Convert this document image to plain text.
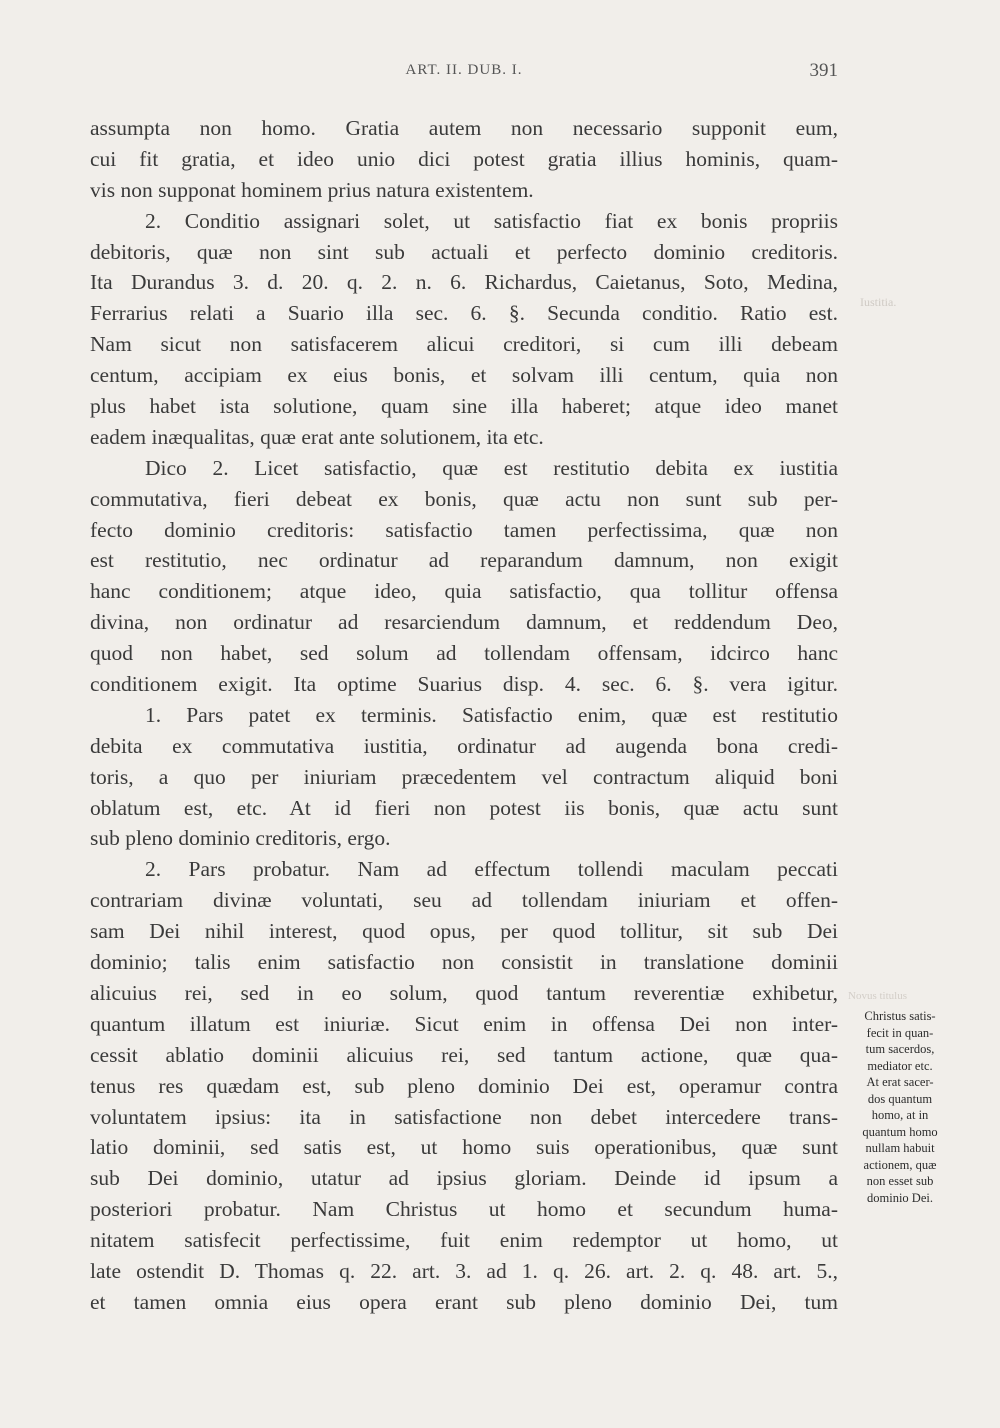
ART. II. DUB. I.	391
Iustitia.
Novus titulus
assumpta non homo. Gratia autem non necessario supponit eum,
cui fit gratia, et ideo unio dici potest gratia illius hominis, quam-
vis non supponat hominem prius natura existentem.
2. Conditio assignari solet, ut satisfactio fiat ex bonis propriis
debitoris, quæ non sint sub actuali et perfecto dominio creditoris.
Ita Durandus 3. d. 20. q. 2. n. 6. Richardus, Caietanus, Soto, Medina,
Ferrarius relati a Suario illa sec. 6. §. Secunda conditio. Ratio est.
Nam sicut non satisfacerem alicui creditori, si cum illi debeam
centum, accipiam ex eius bonis, et solvam illi centum, quia non
plus habet ista solutione, quam sine illa haberet; atque ideo manet
eadem inæqualitas, quæ erat ante solutionem, ita etc.
Dico 2. Licet satisfactio, quæ est restitutio debita ex iustitia
commutativa, fieri debeat ex bonis, quæ actu non sunt sub per-
fecto dominio creditoris: satisfactio tamen perfectissima, quæ non
est restitutio, nec ordinatur ad reparandum damnum, non exigit
hanc conditionem; atque ideo, quia satisfactio, qua tollitur offensa
divina, non ordinatur ad resarciendum damnum, et reddendum Deo,
quod non habet, sed solum ad tollendam offensam, idcirco hanc
conditionem exigit. Ita optime Suarius disp. 4. sec. 6. §. vera igitur.
1. Pars patet ex terminis. Satisfactio enim, quæ est restitutio
debita ex commutativa iustitia, ordinatur ad augenda bona credi-
toris, a quo per iniuriam præcedentem vel contractum aliquid boni
oblatum est, etc. At id fieri non potest iis bonis, quæ actu sunt
sub pleno dominio creditoris, ergo.
2. Pars probatur. Nam ad effectum tollendi maculam peccati
contrariam divinæ voluntati, seu ad tollendam iniuriam et offen-
sam Dei nihil interest, quod opus, per quod tollitur, sit sub Dei
dominio; talis enim satisfactio non consistit in translatione dominii
alicuius rei, sed in eo solum, quod tantum reverentiæ exhibetur,
quantum illatum est iniuriæ. Sicut enim in offensa Dei non inter-
cessit ablatio dominii alicuius rei, sed tantum actione, quæ qua-
tenus res quædam est, sub pleno dominio Dei est, operamur contra
voluntatem ipsius: ita in satisfactione non debet intercedere trans-
latio dominii, sed satis est, ut homo suis operationibus, quæ sunt
sub Dei dominio, utatur ad ipsius gloriam. Deinde id ipsum a
posteriori probatur. Nam Christus ut homo et secundum huma-
nitatem satisfecit perfectissime, fuit enim redemptor ut homo, ut
late ostendit D. Thomas q. 22. art. 3. ad 1. q. 26. art. 2. q. 48. art. 5.,
et tamen omnia eius opera erant sub pleno dominio Dei, tum
Christus satis-
fecit in quan-
tum sacerdos,
mediator etc.
At erat sacer-
dos quantum
homo, at in
quantum homo
nullam habuit
actionem, quæ
non esset sub
dominio Dei.
